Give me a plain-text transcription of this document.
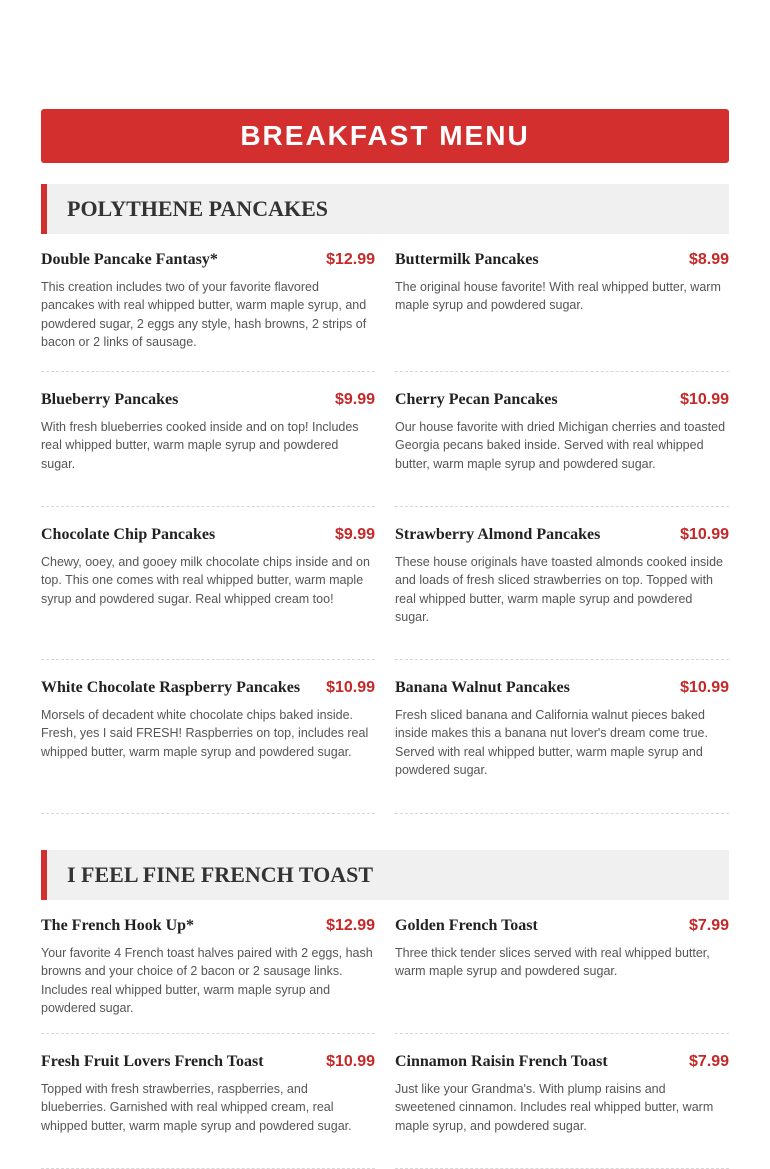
BREAKFAST MENU
POLYTHENE PANCAKES
Double Pancake Fantasy*	$12.99
This creation includes two of your favorite flavored pancakes with real whipped butter, warm maple syrup, and powdered sugar, 2 eggs any style, hash browns, 2 strips of bacon or 2 links of sausage.
Buttermilk Pancakes	$8.99
The original house favorite! With real whipped butter, warm maple syrup and powdered sugar.
Blueberry Pancakes	$9.99
With fresh blueberries cooked inside and on top! Includes real whipped butter, warm maple syrup and powdered sugar.
Cherry Pecan Pancakes	$10.99
Our house favorite with dried Michigan cherries and toasted Georgia pecans baked inside. Served with real whipped butter, warm maple syrup and powdered sugar.
Chocolate Chip Pancakes	$9.99
Chewy, ooey, and gooey milk chocolate chips inside and on top. This one comes with real whipped butter, warm maple syrup and powdered sugar. Real whipped cream too!
Strawberry Almond Pancakes	$10.99
These house originals have toasted almonds cooked inside and loads of fresh sliced strawberries on top. Topped with real whipped butter, warm maple syrup and powdered sugar.
White Chocolate Raspberry Pancakes $10.99
Morsels of decadent white chocolate chips baked inside. Fresh, yes I said FRESH! Raspberries on top, includes real whipped butter, warm maple syrup and powdered sugar.
Banana Walnut Pancakes	$10.99
Fresh sliced banana and California walnut pieces baked inside makes this a banana nut lover's dream come true. Served with real whipped butter, warm maple syrup and powdered sugar.
I FEEL FINE FRENCH TOAST
The French Hook Up*	$12.99
Your favorite 4 French toast halves paired with 2 eggs, hash browns and your choice of 2 bacon or 2 sausage links. Includes real whipped butter, warm maple syrup and powdered sugar.
Golden French Toast	$7.99
Three thick tender slices served with real whipped butter, warm maple syrup and powdered sugar.
Fresh Fruit Lovers French Toast	$10.99
Topped with fresh strawberries, raspberries, and blueberries. Garnished with real whipped cream, real whipped butter, warm maple syrup and powdered sugar.
Cinnamon Raisin French Toast	$7.99
Just like your Grandma's. With plump raisins and sweetened cinnamon. Includes real whipped butter, warm maple syrup, and powdered sugar.
